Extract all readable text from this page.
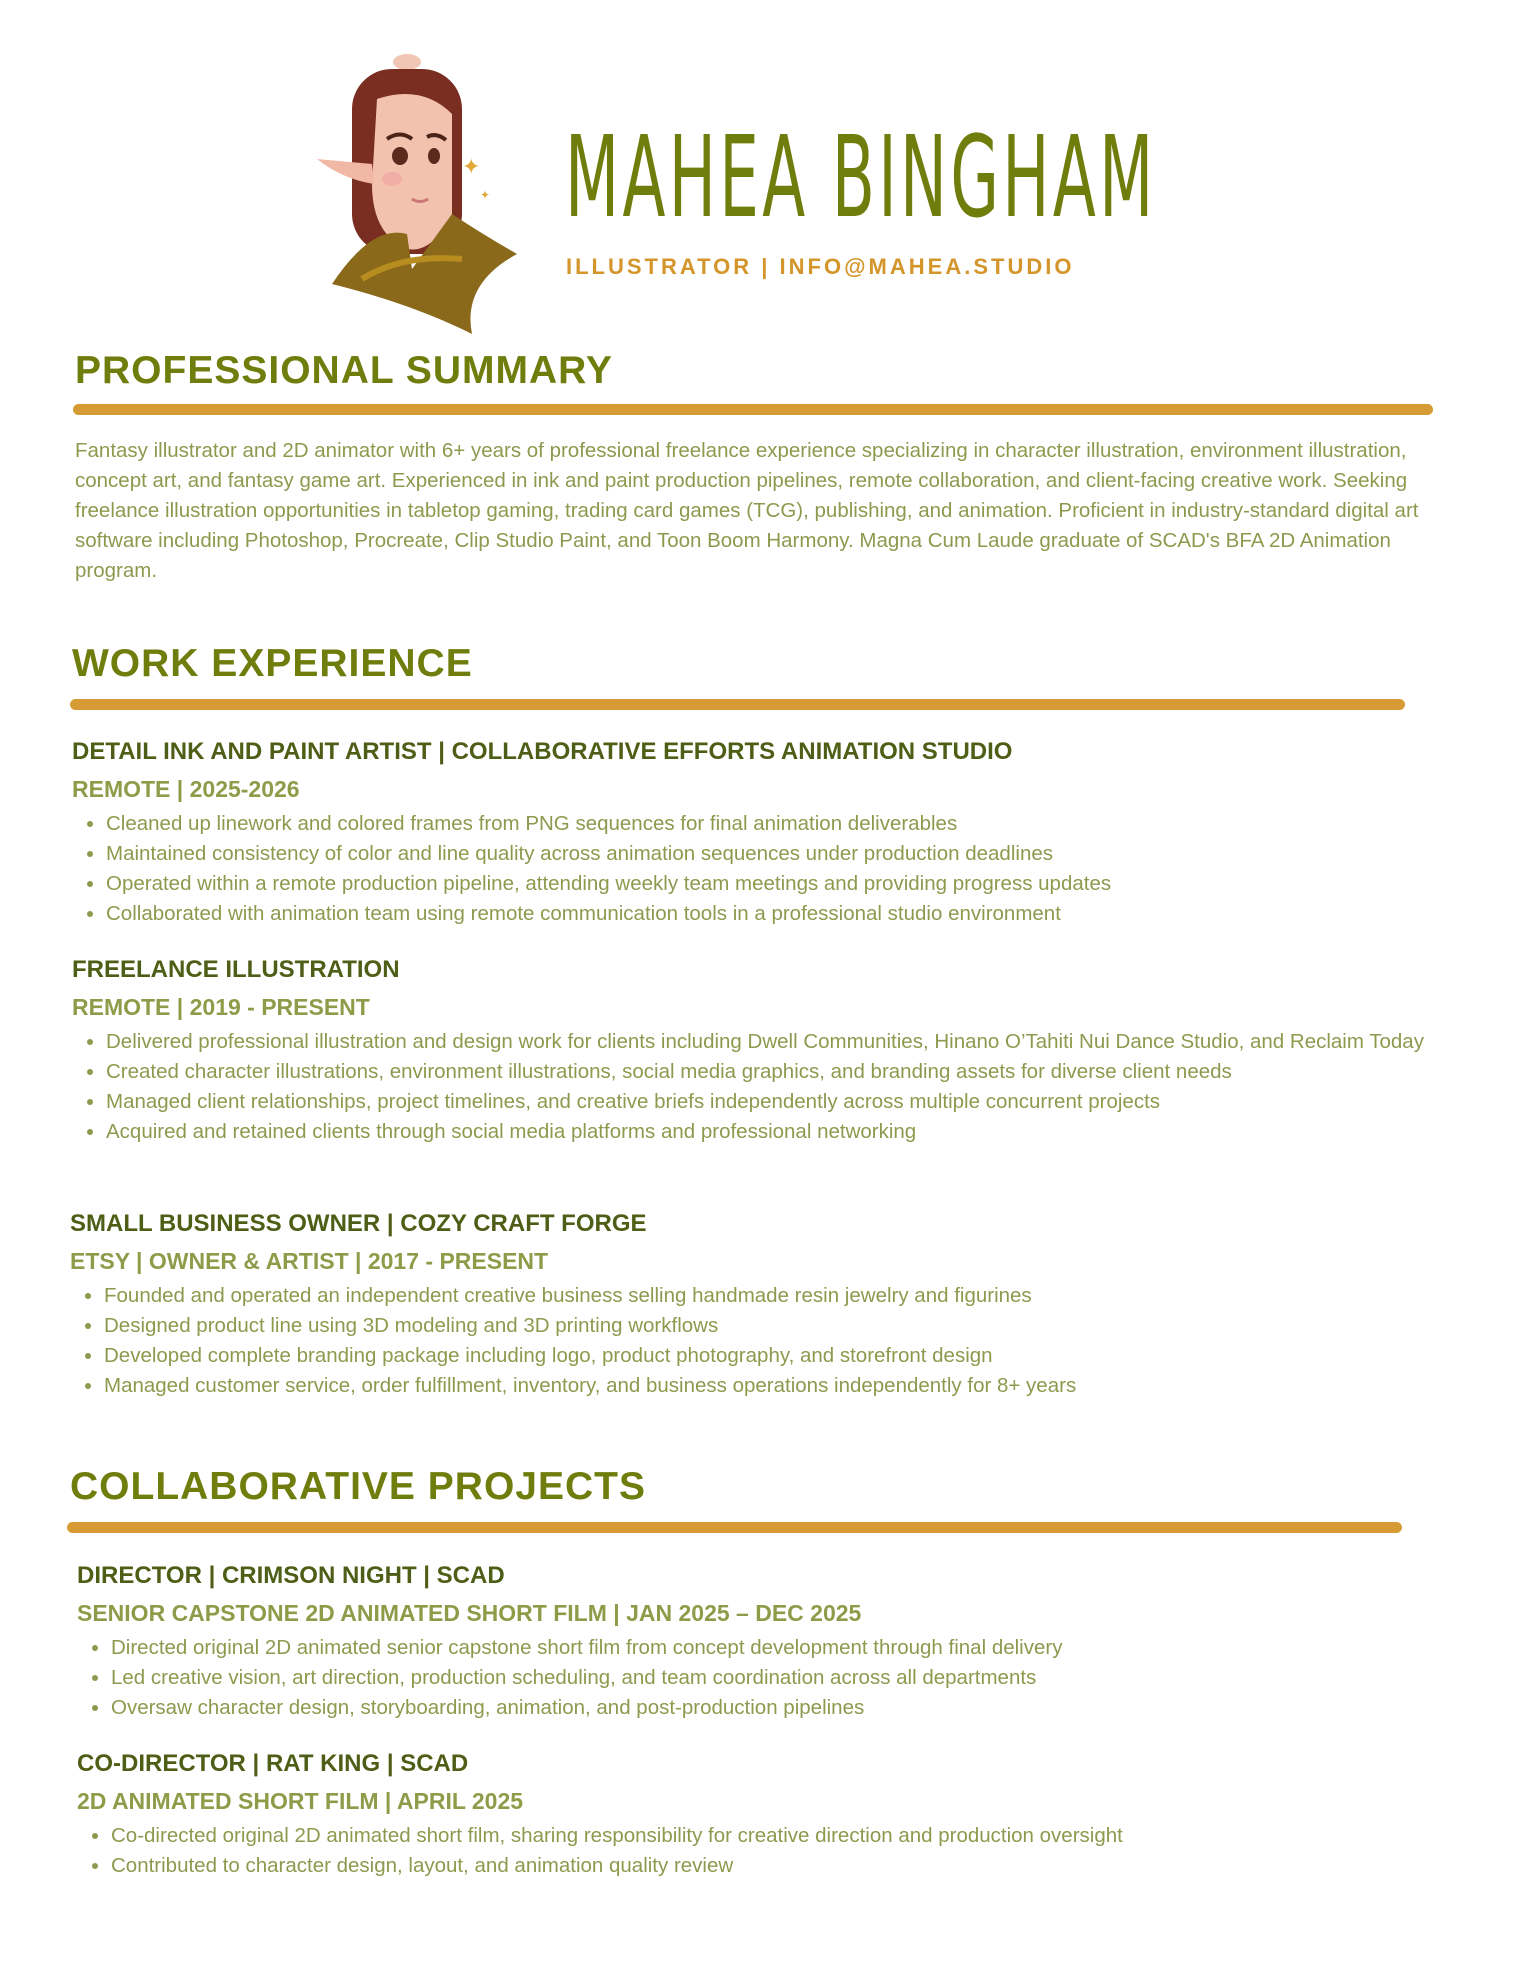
✦
✦ MAHEA BINGHAM
ILLUSTRATOR | INFO@MAHEA.STUDIO
PROFESSIONAL SUMMARY
Fantasy illustrator and 2D animator with 6+ years of professional freelance experience specializing in character illustration, environment illustration, concept art, and fantasy game art. Experienced in ink and paint production pipelines, remote collaboration, and client-facing creative work. Seeking freelance illustration opportunities in tabletop gaming, trading card games (TCG), publishing, and animation. Proficient in industry-standard digital art software including Photoshop, Procreate, Clip Studio Paint, and Toon Boom Harmony. Magna Cum Laude graduate of SCAD's BFA 2D Animation program.
WORK EXPERIENCE
DETAIL INK AND PAINT ARTIST | COLLABORATIVE EFFORTS ANIMATION STUDIO
REMOTE | 2025-2026
• Cleaned up linework and colored frames from PNG sequences for final animation deliverables
• Maintained consistency of color and line quality across animation sequences under production deadlines
• Operated within a remote production pipeline, attending weekly team meetings and providing progress updates
• Collaborated with animation team using remote communication tools in a professional studio environment
FREELANCE ILLUSTRATION
REMOTE | 2019 - PRESENT
• Delivered professional illustration and design work for clients including Dwell Communities, Hinano O’Tahiti Nui Dance Studio, and Reclaim Today
• Created character illustrations, environment illustrations, social media graphics, and branding assets for diverse client needs
• Managed client relationships, project timelines, and creative briefs independently across multiple concurrent projects
• Acquired and retained clients through social media platforms and professional networking
SMALL BUSINESS OWNER | COZY CRAFT FORGE
ETSY | OWNER & ARTIST | 2017 - PRESENT
• Founded and operated an independent creative business selling handmade resin jewelry and figurines
• Designed product line using 3D modeling and 3D printing workflows
• Developed complete branding package including logo, product photography, and storefront design
• Managed customer service, order fulfillment, inventory, and business operations independently for 8+ years
COLLABORATIVE PROJECTS
DIRECTOR | CRIMSON NIGHT | SCAD
SENIOR CAPSTONE 2D ANIMATED SHORT FILM | JAN 2025 – DEC 2025
• Directed original 2D animated senior capstone short film from concept development through final delivery
• Led creative vision, art direction, production scheduling, and team coordination across all departments
• Oversaw character design, storyboarding, animation, and post-production pipelines
CO-DIRECTOR | RAT KING | SCAD
2D ANIMATED SHORT FILM | APRIL 2025
• Co-directed original 2D animated short film, sharing responsibility for creative direction and production oversight
• Contributed to character design, layout, and animation quality review
